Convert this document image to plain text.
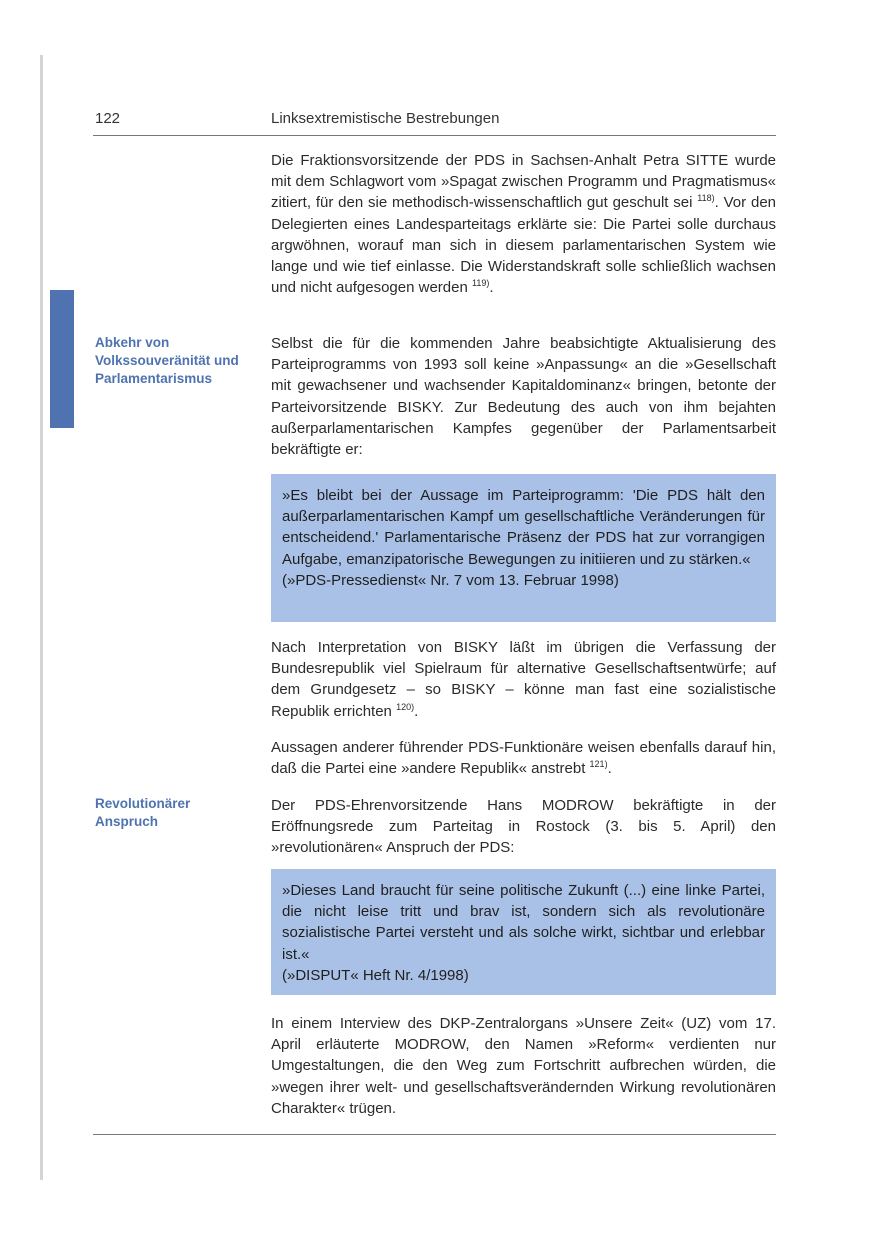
122	Linksextremistische Bestrebungen
Abkehr von Volkssouveränität und Parlamentarismus
Revolutionärer Anspruch

Die Fraktionsvorsitzende der PDS in Sachsen-Anhalt Petra SITTE wurde mit dem Schlagwort vom »Spagat zwischen Programm und Pragmatismus« zitiert, für den sie methodisch-wissenschaftlich gut geschult sei $^{118)}$. Vor den Delegierten eines Landesparteitags erklärte sie: Die Partei solle durchaus argwöhnen, worauf man sich in diesem parlamentarischen System wie lange und wie tief einlasse. Die Widerstandskraft solle schließlich wachsen und nicht aufgesogen werden $^{119)}$.

Selbst die für die kommenden Jahre beabsichtigte Aktualisierung des Parteiprogramms von 1993 soll keine »Anpassung« an die »Gesellschaft mit gewachsener und wachsender Kapitaldominanz« bringen, betonte der Parteivorsitzende BISKY. Zur Bedeutung des auch von ihm bejahten außerparlamentarischen Kampfes gegenüber der Parlamentsarbeit bekräftigte er:

»Es bleibt bei der Aussage im Parteiprogramm: 'Die PDS hält den außerparlamentarischen Kampf um gesellschaftliche Veränderungen für entscheidend.' Parlamentarische Präsenz der PDS hat zur vorrangigen Aufgabe, emanzipatorische Bewegungen zu initiieren und zu stärken.«

(»PDS-Pressedienst« Nr. 7 vom 13. Februar 1998)

Nach Interpretation von BISKY läßt im übrigen die Verfassung der Bundesrepublik viel Spielraum für alternative Gesellschaftsentwürfe; auf dem Grundgesetz – so BISKY – könne man fast eine sozialistische Republik errichten $^{120)}$.

Aussagen anderer führender PDS-Funktionäre weisen ebenfalls darauf hin, daß die Partei eine »andere Republik« anstrebt $^{121)}$.

Der PDS-Ehrenvorsitzende Hans MODROW bekräftigte in der Eröffnungsrede zum Parteitag in Rostock (3. bis 5. April) den »revolutionären« Anspruch der PDS:

»Dieses Land braucht für seine politische Zukunft (...) eine linke Partei, die nicht leise tritt und brav ist, sondern sich als revolutionäre sozialistische Partei versteht und als solche wirkt, sichtbar und erlebbar ist.«

(»DISPUT« Heft Nr. 4/1998)

In einem Interview des DKP-Zentralorgans »Unsere Zeit« (UZ) vom 17. April erläuterte MODROW, den Namen »Reform« verdienten nur Umgestaltungen, die den Weg zum Fortschritt aufbrechen würden, die »wegen ihrer welt- und gesellschaftsverändernden Wirkung revolutionären Charakter« trügen.
